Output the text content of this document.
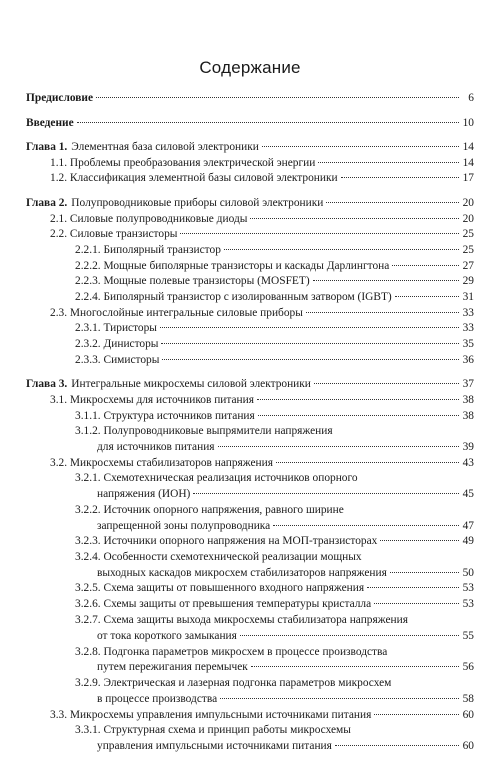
Содержание
Предисловие	6
Введение	10
Глава 1. Элементная база силовой электроники	14
1.1. Проблемы преобразования электрической энергии	14
1.2. Классификация элементной базы силовой электроники	17
Глава 2. Полупроводниковые приборы силовой электроники	20
2.1. Силовые полупроводниковые диоды	20
2.2. Силовые транзисторы	25
2.2.1. Биполярный транзистор	25
2.2.2. Мощные биполярные транзисторы и каскады Дарлингтона	27
2.2.3. Мощные полевые транзисторы (MOSFET)	29
2.2.4. Биполярный транзистор с изолированным затвором (IGBT)	31
2.3. Многослойные интегральные силовые приборы	33
2.3.1. Тиристоры	33
2.3.2. Динисторы	35
2.3.3. Симисторы	36
Глава 3. Интегральные микросхемы силовой электроники	37
3.1. Микросхемы для источников питания	38
3.1.1. Структура источников питания	38
3.1.2. Полупроводниковые выпрямители напряжения
для источников питания	39
3.2. Микросхемы стабилизаторов напряжения	43
3.2.1. Схемотехническая реализация источников опорного
напряжения (ИОН)	45
3.2.2. Источник опорного напряжения, равного ширине
запрещенной зоны полупроводника	47
3.2.3. Источники опорного напряжения на МОП-транзисторах	49
3.2.4. Особенности схемотехнической реализации мощных
выходных каскадов микросхем стабилизаторов напряжения	50
3.2.5. Схема защиты от повышенного входного напряжения	53
3.2.6. Схемы защиты от превышения температуры кристалла	53
3.2.7. Схема защиты выхода микросхемы стабилизатора напряжения
от тока короткого замыкания	55
3.2.8. Подгонка параметров микросхем в процессе производства
путем пережигания перемычек	56
3.2.9. Электрическая и лазерная подгонка параметров микросхем
в процессе производства	58
3.3. Микросхемы управления импульсными источниками питания	60
3.3.1. Структурная схема и принцип работы микросхемы
управления импульсными источниками питания	60
